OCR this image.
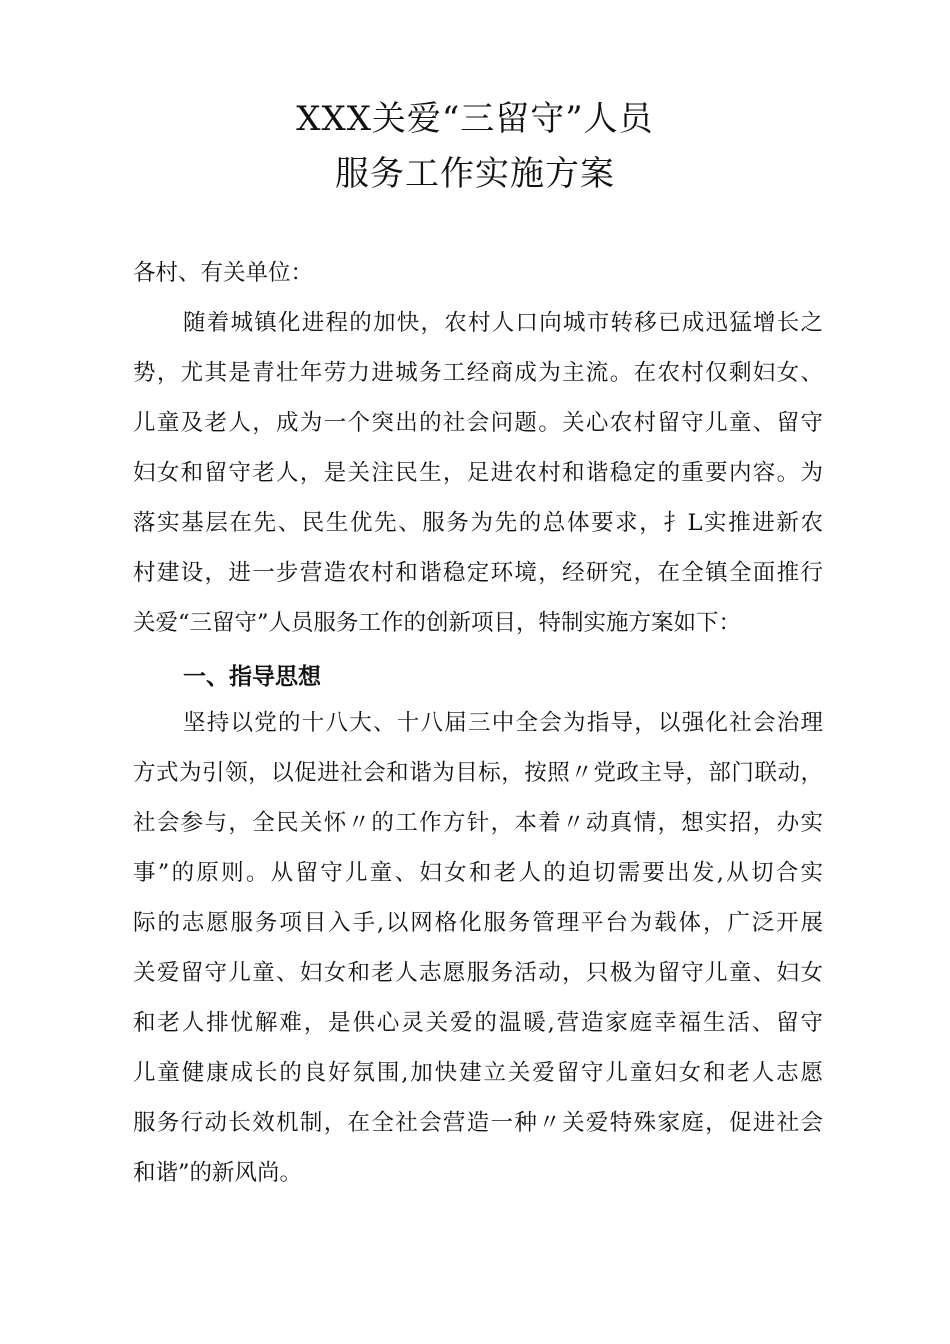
XXX关爱“三留守”人员
服务工作实施方案
各村、有关单位：
随着城镇化进程的加快，农村人口向城市转移已成迅猛增长之
势，尤其是青壮年劳力进城务工经商成为主流。在农村仅剩妇女、
儿童及老人，成为一个突出的社会问题。关心农村留守儿童、留守
妇女和留守老人，是关注民生，足进农村和谐稳定的重要内容。为
落实基层在先、民生优先、服务为先的总体要求，扌L实推进新农
村建设，进一步营造农村和谐稳定环境，经研究，在全镇全面推行
关爱“三留守”人员服务工作的创新项目，特制实施方案如下：
一、指导思想
坚持以党的十八大、十八届三中全会为指导，以强化社会治理
方式为引领，以促进社会和谐为目标，按照〃党政主导，部门联动，
社会参与，全民关怀〃的工作方针，本着〃动真情，想实招，办实
事”的原则。从留守儿童、妇女和老人的迫切需要出发,从切合实
际的志愿服务项目入手,以网格化服务管理平台为载体，广泛开展
关爱留守儿童、妇女和老人志愿服务活动，只极为留守儿童、妇女
和老人排忧解难，是供心灵关爱的温暖,营造家庭幸福生活、留守
儿童健康成长的良好氛围,加快建立关爱留守儿童妇女和老人志愿
服务行动长效机制，在全社会营造一种〃关爱特殊家庭，促进社会
和谐”的新风尚。
